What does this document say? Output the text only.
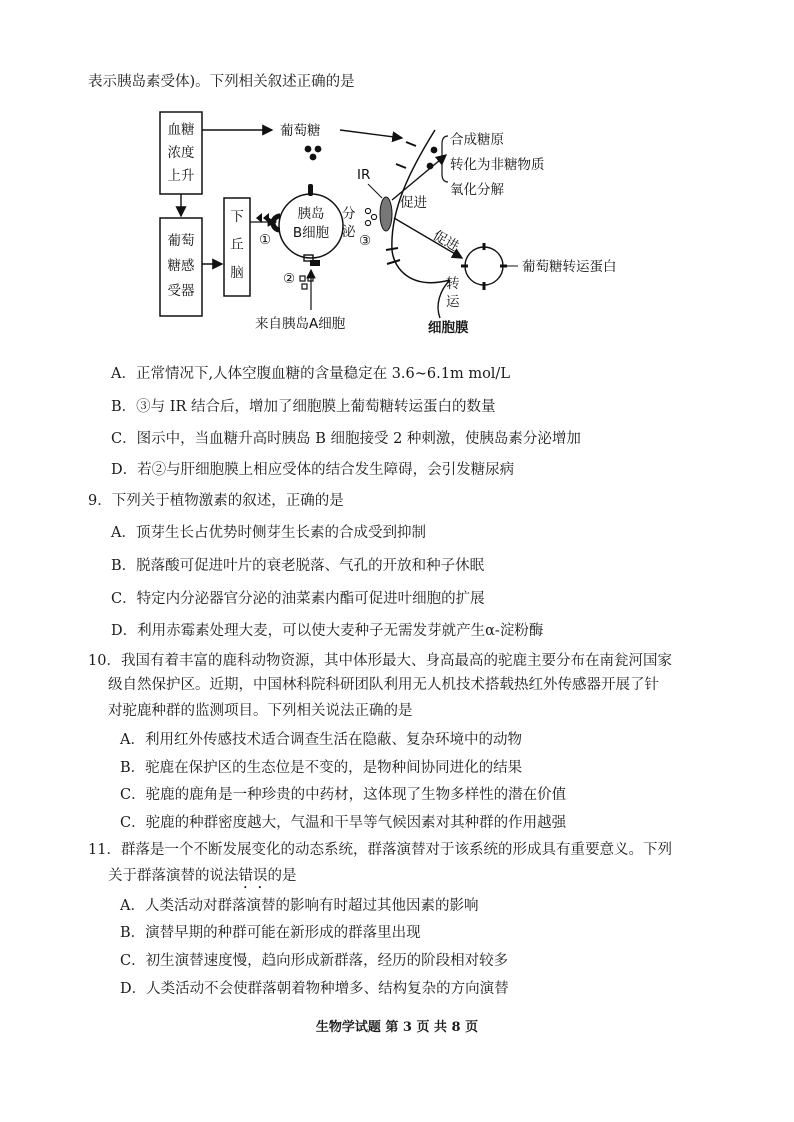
表示胰岛素受体)。下列相关叙述正确的是
血糖
浓度
上升
葡萄
糖感
受器
下
丘
脑
葡萄糖
①
胰岛
B细胞
②
来自胰岛A细胞
分
泌
③
IR
促进
合成糖原
转化为非糖物质
氧化分解
促进
葡萄糖转运蛋白
转
运
细胞膜
A．正常情况下,人体空腹血糖的含量稳定在 3.6~6.1m mol/L
B．③与 IR 结合后，增加了细胞膜上葡萄糖转运蛋白的数量
C．图示中，当血糖升高时胰岛 B 细胞接受 2 种刺激，使胰岛素分泌增加
D．若②与肝细胞膜上相应受体的结合发生障碍，会引发糖尿病
9．下列关于植物激素的叙述，正确的是
A．顶芽生长占优势时侧芽生长素的合成受到抑制
B．脱落酸可促进叶片的衰老脱落、气孔的开放和种子休眠
C．特定内分泌器官分泌的油菜素内酯可促进叶细胞的扩展
D．利用赤霉素处理大麦，可以使大麦种子无需发芽就产生α-淀粉酶
10．我国有着丰富的鹿科动物资源，其中体形最大、身高最高的驼鹿主要分布在南瓮河国家
级自然保护区。近期，中国林科院科研团队利用无人机技术搭载热红外传感器开展了针
对驼鹿种群的监测项目。下列相关说法正确的是
A．利用红外传感技术适合调查生活在隐蔽、复杂环境中的动物
B．驼鹿在保护区的生态位是不变的，是物种间协同进化的结果
C．驼鹿的鹿角是一种珍贵的中药材，这体现了生物多样性的潜在价值
C．驼鹿的种群密度越大，气温和干旱等气候因素对其种群的作用越强
11．群落是一个不断发展变化的动态系统，群落演替对于该系统的形成具有重要意义。下列
关于群落演替的说法错误的是
A．人类活动对群落演替的影响有时超过其他因素的影响
B．演替早期的种群可能在新形成的群落里出现
C．初生演替速度慢，趋向形成新群落，经历的阶段相对较多
D．人类活动不会使群落朝着物种增多、结构复杂的方向演替
生物学试题 第 3 页 共 8 页
